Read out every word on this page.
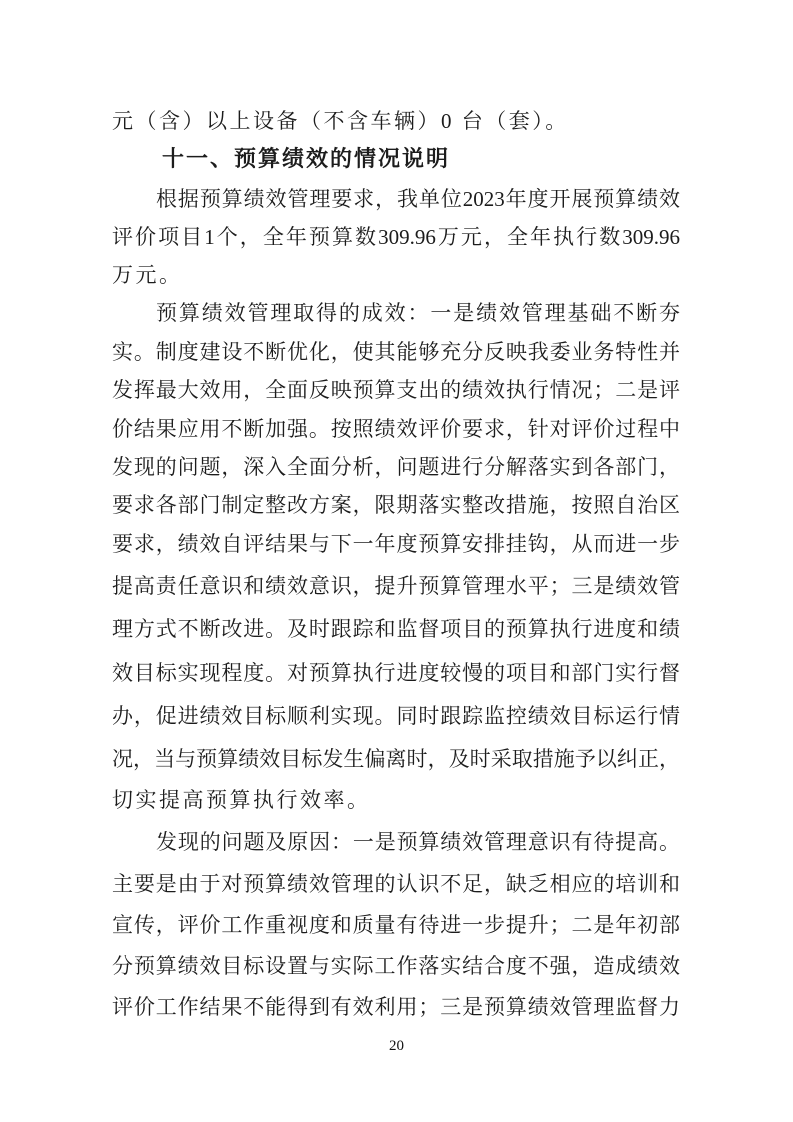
元（含）以上设备（不含车辆）0 台（套）。
十一、预算绩效的情况说明
根据预算绩效管理要求，我单位2023年度开展预算绩效
评价项目1个，全年预算数309.96万元，全年执行数309.96
万元。
预算绩效管理取得的成效：一是绩效管理基础不断夯
实。制度建设不断优化，使其能够充分反映我委业务特性并
发挥最大效用，全面反映预算支出的绩效执行情况；二是评
价结果应用不断加强。按照绩效评价要求，针对评价过程中
发现的问题，深入全面分析，问题进行分解落实到各部门，
要求各部门制定整改方案，限期落实整改措施，按照自治区
要求，绩效自评结果与下一年度预算安排挂钩，从而进一步
提高责任意识和绩效意识，提升预算管理水平；三是绩效管
理方式不断改进。及时跟踪和监督项目的预算执行进度和绩
效目标实现程度。对预算执行进度较慢的项目和部门实行督
办，促进绩效目标顺利实现。同时跟踪监控绩效目标运行情
况，当与预算绩效目标发生偏离时，及时采取措施予以纠正，
切实提高预算执行效率。
发现的问题及原因：一是预算绩效管理意识有待提高。
主要是由于对预算绩效管理的认识不足，缺乏相应的培训和
宣传，评价工作重视度和质量有待进一步提升；二是年初部
分预算绩效目标设置与实际工作落实结合度不强，造成绩效
评价工作结果不能得到有效利用；三是预算绩效管理监督力
20
